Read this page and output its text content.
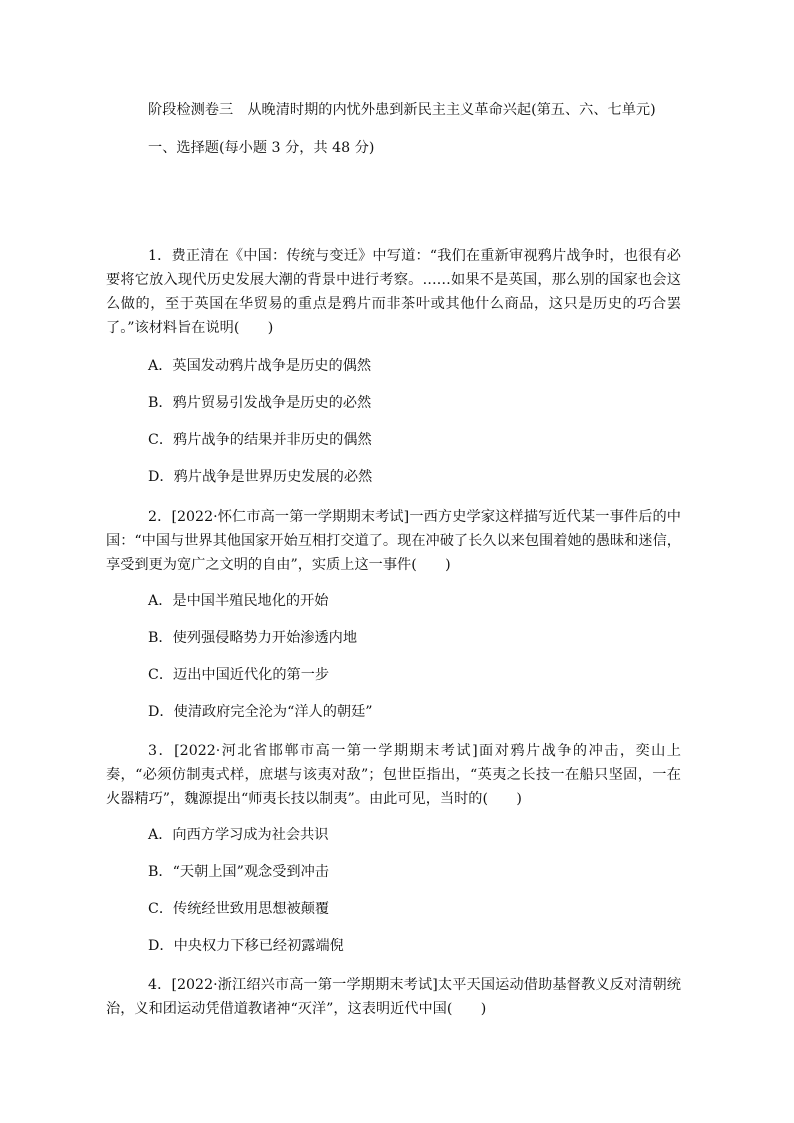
阶段检测卷三　从晚清时期的内忧外患到新民主主义革命兴起(第五、六、七单元)
一、选择题(每小题 3 分，共 48 分)

1．费正清在《中国：传统与变迁》中写道：“我们在重新审视鸦片战争时，也很有必要将它放入现代历史发展大潮的背景中进行考察。……如果不是英国，那么别的国家也会这么做的，至于英国在华贸易的重点是鸦片而非茶叶或其他什么商品，这只是历史的巧合罢了。”该材料旨在说明(　　)

A．英国发动鸦片战争是历史的偶然
B．鸦片贸易引发战争是历史的必然
C．鸦片战争的结果并非历史的偶然
D．鸦片战争是世界历史发展的必然

2．[2022·怀仁市高一第一学期期末考试]一西方史学家这样描写近代某一事件后的中国：“中国与世界其他国家开始互相打交道了。现在冲破了长久以来包围着她的愚昧和迷信，享受到更为宽广之文明的自由”，实质上这一事件(　　)

A．是中国半殖民地化的开始
B．使列强侵略势力开始渗透内地
C．迈出中国近代化的第一步
D．使清政府完全沦为“洋人的朝廷”

3．[2022·河北省邯郸市高一第一学期期末考试]面对鸦片战争的冲击，奕山上奏，“必须仿制夷式样，庶堪与该夷对敌”；包世臣指出，“英夷之长技一在船只坚固，一在火器精巧”，魏源提出“师夷长技以制夷”。由此可见，当时的(　　)

A．向西方学习成为社会共识
B．“天朝上国”观念受到冲击
C．传统经世致用思想被颠覆
D．中央权力下移已经初露端倪

4．[2022·浙江绍兴市高一第一学期期末考试]太平天国运动借助基督教义反对清朝统治，义和团运动凭借道教诸神“灭洋”，这表明近代中国(　　)
